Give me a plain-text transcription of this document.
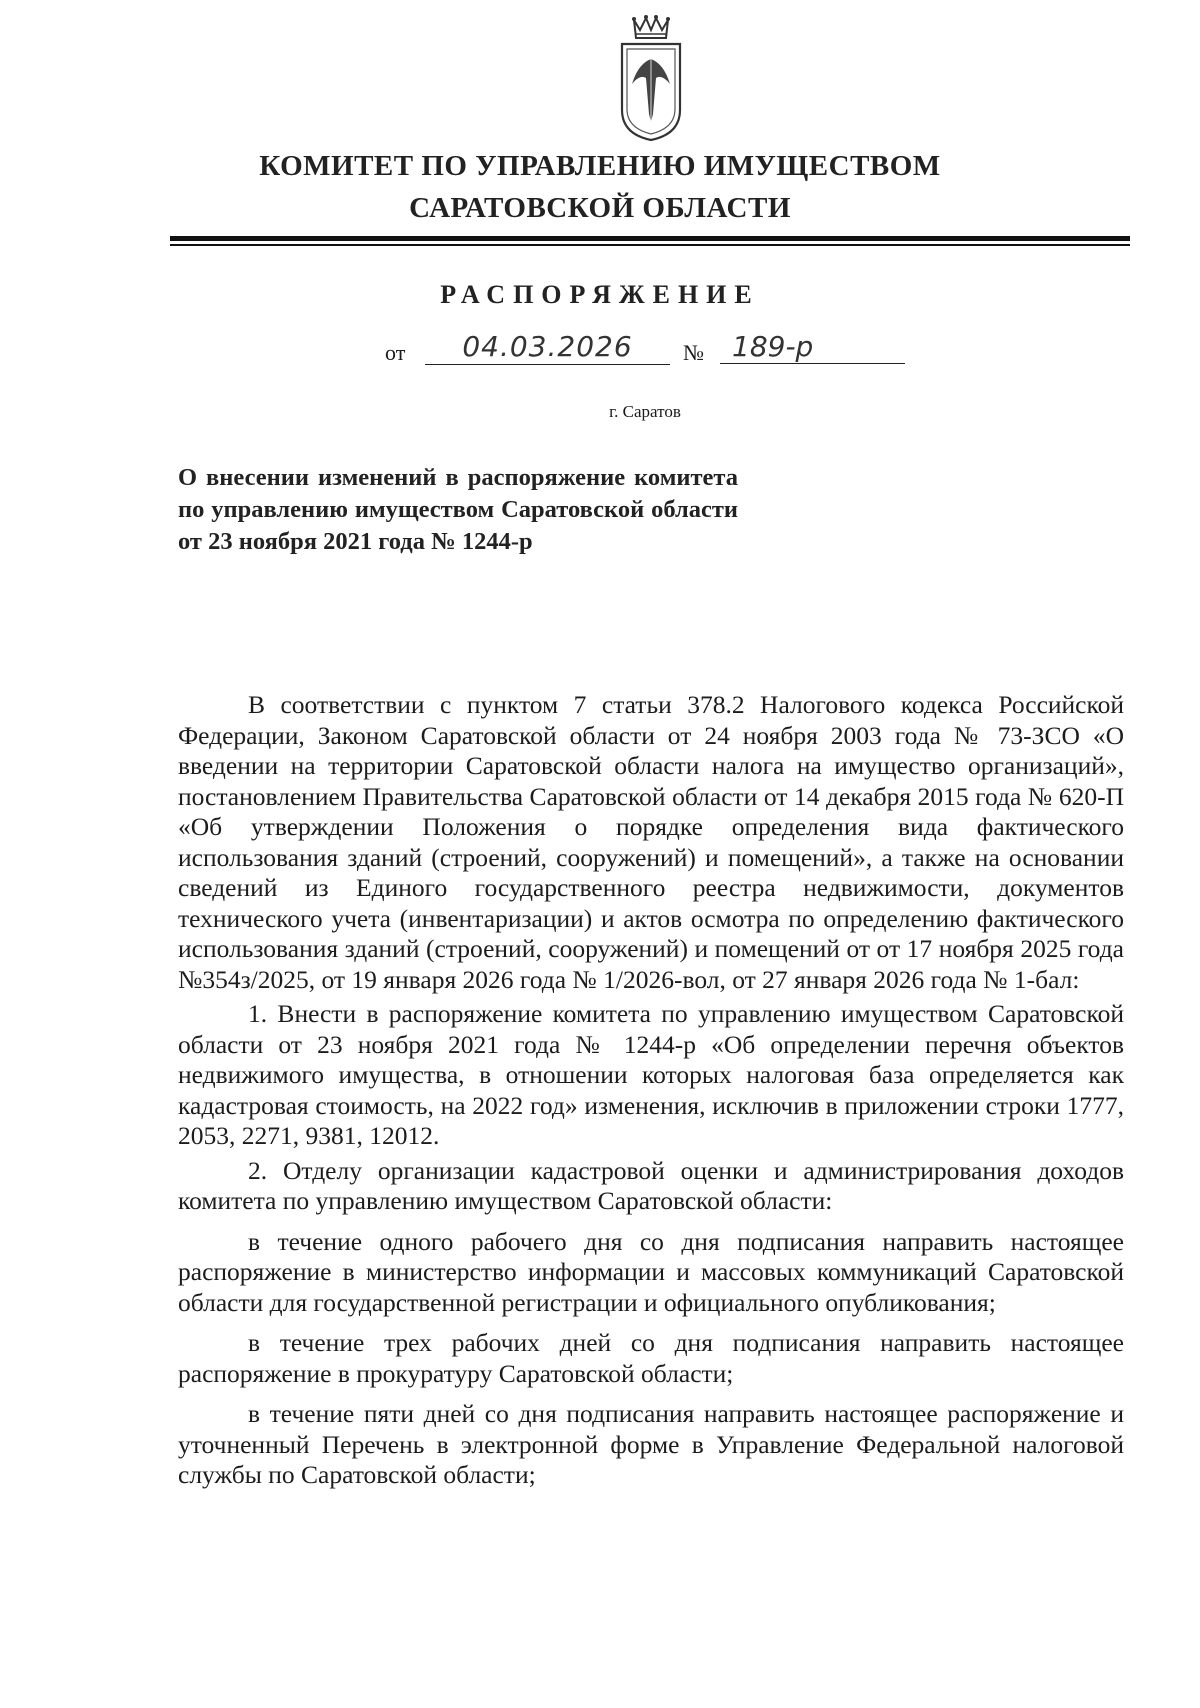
КОМИТЕТ ПО УПРАВЛЕНИЮ ИМУЩЕСТВОМ
САРАТОВСКОЙ ОБЛАСТИ
РАСПОРЯЖЕНИЕ
от	04.03.2026	№	189-р
г. Саратов
О внесении изменений в распоряжение комитета по управлению имуществом Саратовской области от 23 ноября 2021 года № 1244-р

В соответствии с пунктом 7 статьи 378.2 Налогового кодекса Российской Федерации, Законом Саратовской области от 24 ноября 2003 года № 73-ЗСО «О введении на территории Саратовской области налога на имущество организаций», постановлением Правительства Саратовской области от 14 декабря 2015 года № 620-П «Об утверждении Положения о порядке определения вида фактического использования зданий (строений, сооружений) и помещений», а также на основании сведений из Единого государственного реестра недвижимости, документов технического учета (инвентаризации) и актов осмотра по определению фактического использования зданий (строений, сооружений) и помещений от от 17 ноября 2025 года №354з/2025, от 19 января 2026 года № 1/2026-вол, от 27 января 2026 года № 1-бал:

1. Внести в распоряжение комитета по управлению имуществом Саратовской области от 23 ноября 2021 года № 1244-р «Об определении перечня объектов недвижимого имущества, в отношении которых налоговая база определяется как кадастровая стоимость, на 2022 год» изменения, исключив в приложении строки 1777, 2053, 2271, 9381, 12012.

2. Отделу организации кадастровой оценки и администрирования доходов комитета по управлению имуществом Саратовской области:

в течение одного рабочего дня со дня подписания направить настоящее распоряжение в министерство информации и массовых коммуникаций Саратовской области для государственной регистрации и официального опубликования;

в течение трех рабочих дней со дня подписания направить настоящее распоряжение в прокуратуру Саратовской области;

в течение пяти дней со дня подписания направить настоящее распоряжение и уточненный Перечень в электронной форме в Управление Федеральной налоговой службы по Саратовской области;
